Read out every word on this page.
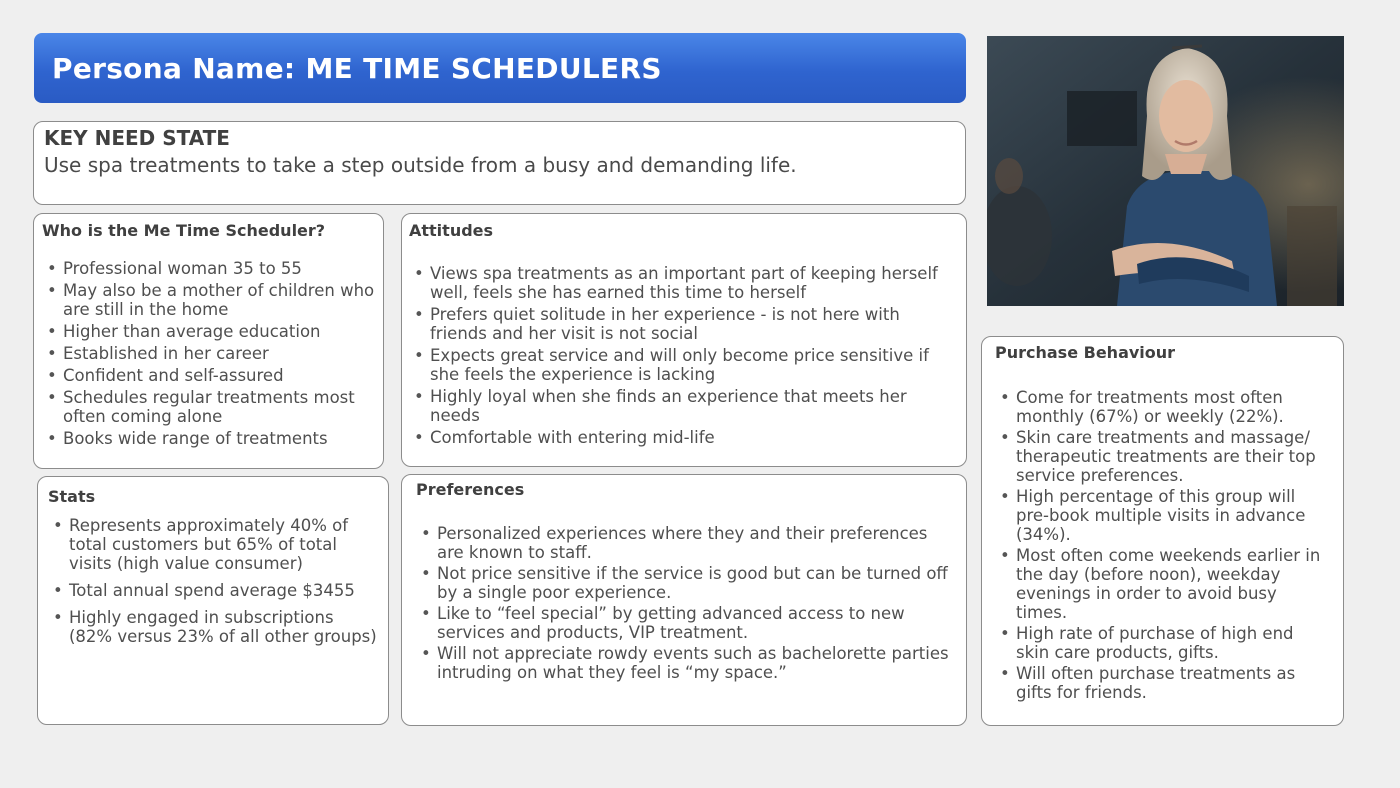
Persona Name: ME TIME SCHEDULERS
KEY NEED STATE
Use spa treatments to take a step outside from a busy and demanding life.
Who is the Me Time Scheduler?
• Professional woman 35 to 55
• May also be a mother of children who are still in the home
• Higher than average education
• Established in her career
• Confident and self-assured
• Schedules regular treatments most often coming alone
• Books wide range of treatments
Attitudes
• Views spa treatments as an important part of keeping herself well, feels she has earned this time to herself
• Prefers quiet solitude in her experience - is not here with friends and her visit is not social
• Expects great service and will only become price sensitive if she feels the experience is lacking
• Highly loyal when she finds an experience that meets her needs
• Comfortable with entering mid-life
Stats
• Represents approximately 40% of total customers but 65% of total visits (high value consumer)
• Total annual spend average $3455
• Highly engaged in subscriptions (82% versus 23% of all other groups)
Preferences
• Personalized experiences where they and their preferences are known to staff.
• Not price sensitive if the service is good but can be turned off by a single poor experience.
• Like to “feel special” by getting advanced access to new services and products, VIP treatment.
• Will not appreciate rowdy events such as bachelorette parties intruding on what they feel is “my space.”
Purchase Behaviour
• Come for treatments most often monthly (67%) or weekly (22%).
• Skin care treatments and massage/ therapeutic treatments are their top service preferences.
• High percentage of this group will pre-book multiple visits in advance (34%).
• Most often come weekends earlier in the day (before noon), weekday evenings in order to avoid busy times.
• High rate of purchase of high end skin care products, gifts.
• Will often purchase treatments as gifts for friends.
